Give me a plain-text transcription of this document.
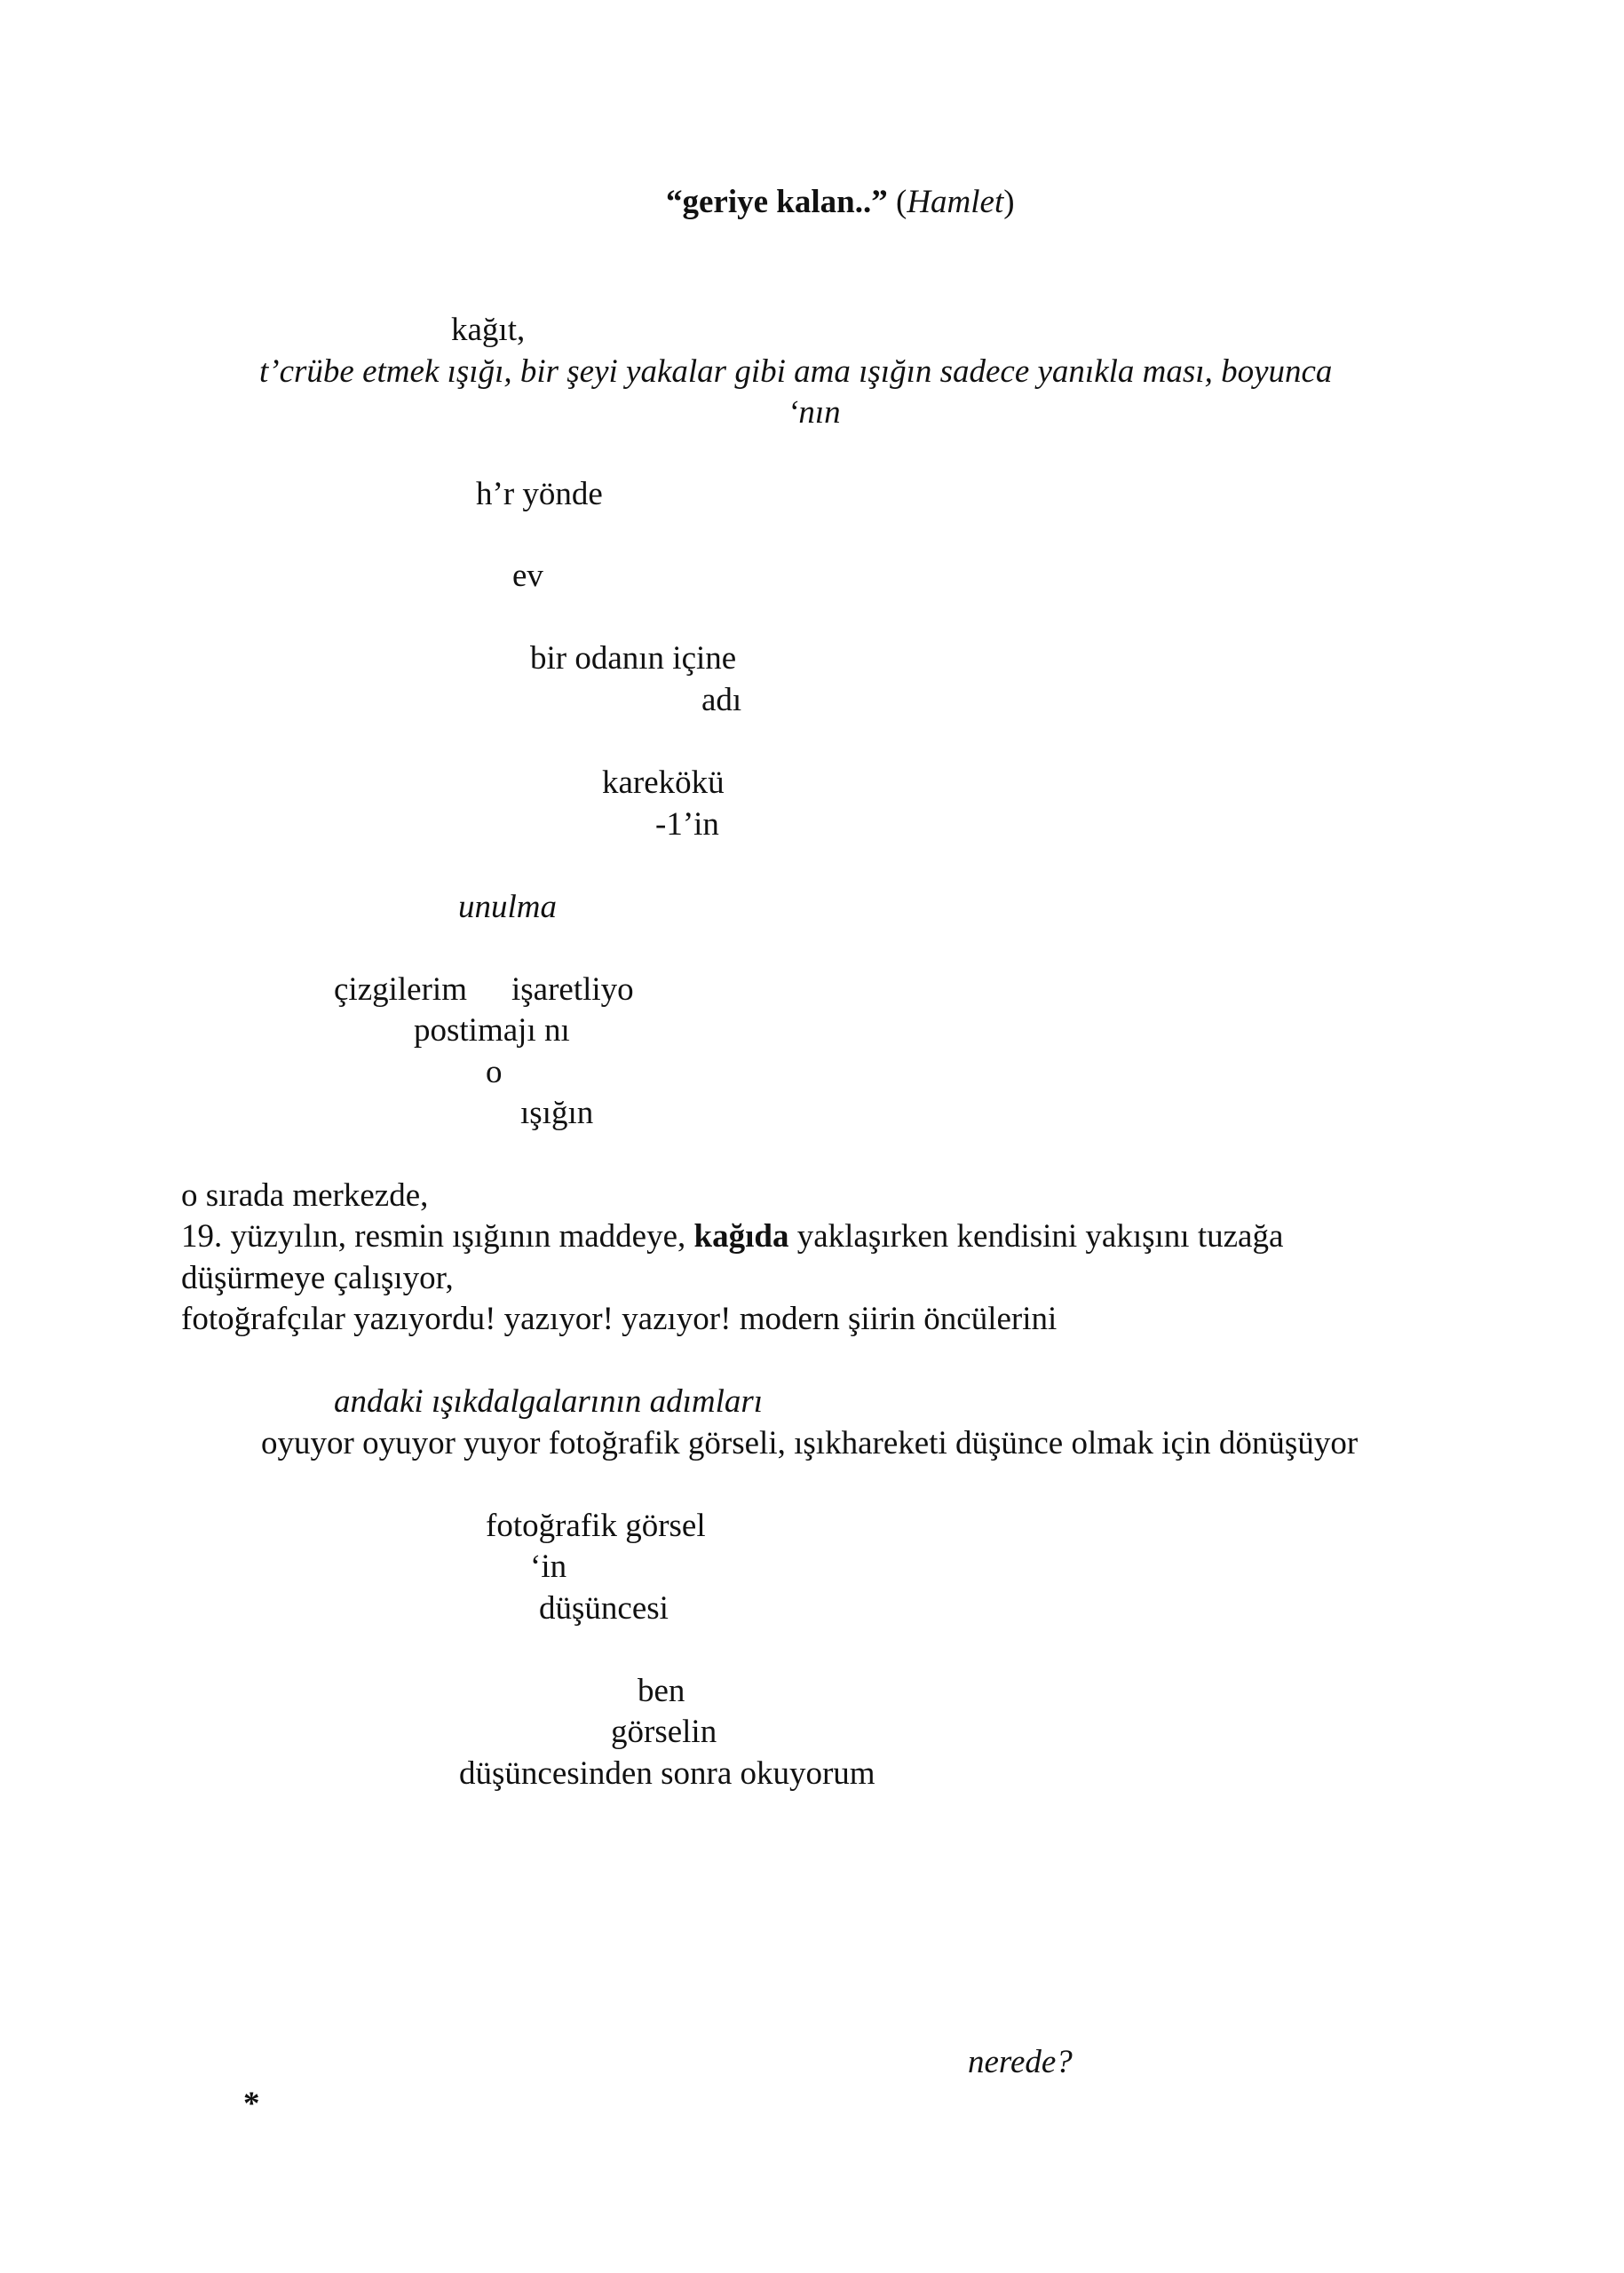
“geriye kalan..” (Hamlet)
kağıt,
t’crübe etmek ışığı, bir şeyi yakalar gibi ama ışığın sadece yanıkla ması, boyunca
‘nın
h’r yönde
ev
bir odanın içine
adı
karekökü
-1’in
unulma
çizgilerim işaretliyo
postimajı nı
o
ışığın
o sırada merkezde,
19. yüzyılın, resmin ışığının maddeye, kağıda yaklaşırken kendisini yakışını tuzağa
düşürmeye çalışıyor,
fotoğrafçılar yazıyordu! yazıyor! yazıyor! modern şiirin öncülerini
andaki ışıkdalgalarının adımları
oyuyor oyuyor yuyor fotoğrafik görseli, ışıkhareketi düşünce olmak için dönüşüyor
fotoğrafik görsel
‘in
düşüncesi
ben
görselin
düşüncesinden sonra okuyorum
nerede?
*
